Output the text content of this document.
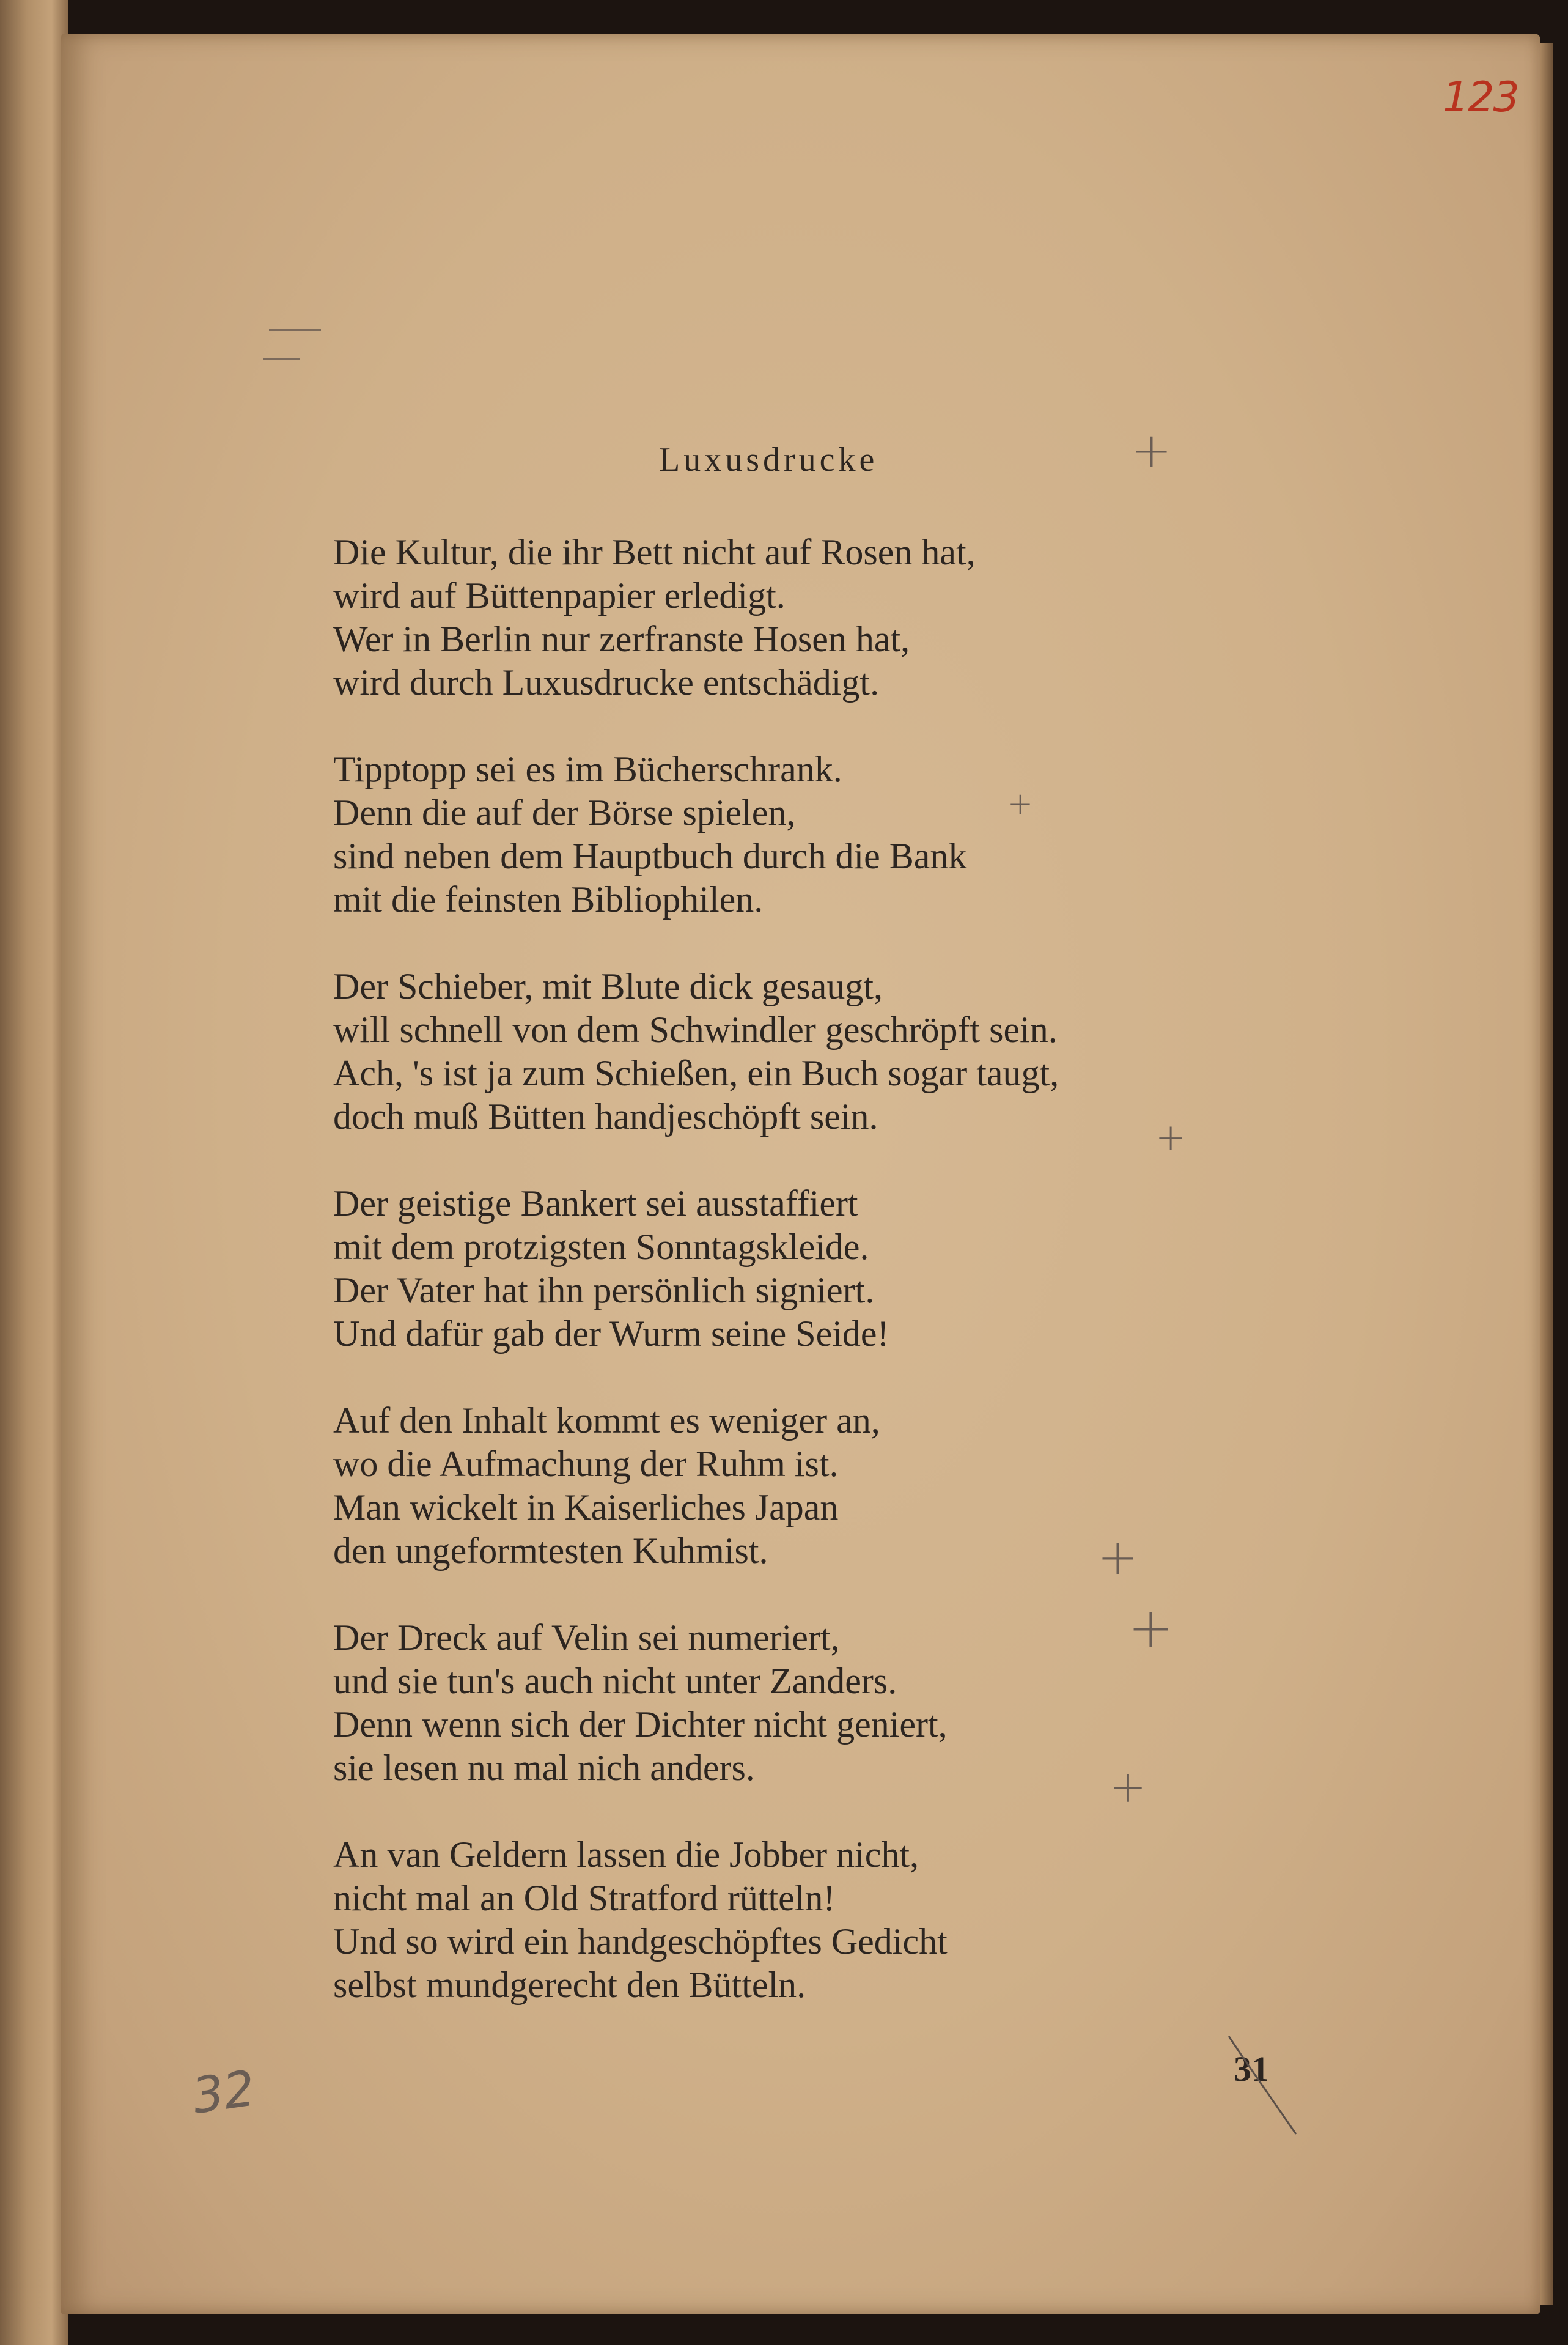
123
Luxusdrucke
Die Kultur, die ihr Bett nicht auf Rosen hat,
wird auf Büttenpapier erledigt.
Wer in Berlin nur zerfranste Hosen hat,
wird durch Luxusdrucke entschädigt.
Tipptopp sei es im Bücherschrank.
Denn die auf der Börse spielen,
sind neben dem Hauptbuch durch die Bank
mit die feinsten Bibliophilen.
Der Schieber, mit Blute dick gesaugt,
will schnell von dem Schwindler geschröpft sein.
Ach, 's ist ja zum Schießen, ein Buch sogar taugt,
doch muß Bütten handjeschöpft sein.
Der geistige Bankert sei ausstaffiert
mit dem protzigsten Sonntagskleide.
Der Vater hat ihn persönlich signiert.
Und dafür gab der Wurm seine Seide!
Auf den Inhalt kommt es weniger an,
wo die Aufmachung der Ruhm ist.
Man wickelt in Kaiserliches Japan
den ungeformtesten Kuhmist.
Der Dreck auf Velin sei numeriert,
und sie tun's auch nicht unter Zanders.
Denn wenn sich der Dichter nicht geniert,
sie lesen nu mal nich anders.
An van Geldern lassen die Jobber nicht,
nicht mal an Old Stratford rütteln!
Und so wird ein handgeschöpftes Gedicht
selbst mundgerecht den Bütteln.
+
+
+
+
+
+
31
32
